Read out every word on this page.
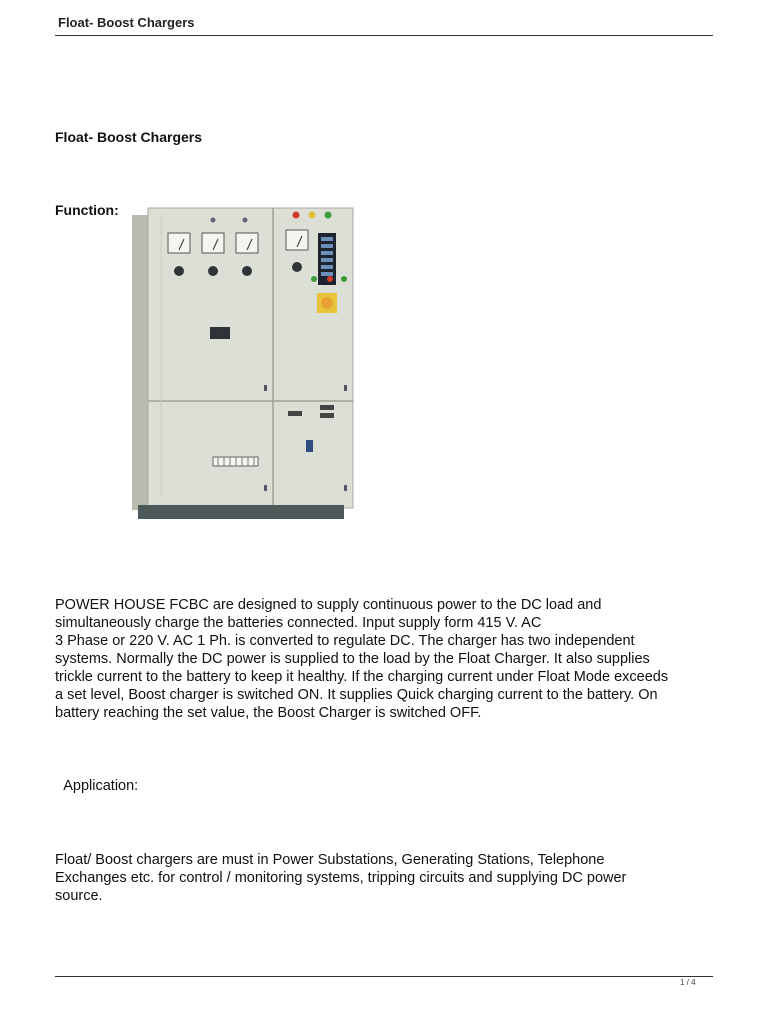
Float- Boost Chargers
Float- Boost Chargers
Function:

POWER HOUSE FCBC are designed to supply continuous power to the DC load and
simultaneously charge the batteries connected. Input supply form 415 V. AC
3 Phase or 220 V. AC 1 Ph. is converted to regulate DC. The charger has two independent
systems. Normally the DC power is supplied to the load by the Float Charger. It also supplies
trickle current to the battery to keep it healthy. If the charging current under Float Mode exceeds
a set level, Boost charger is switched ON. It supplies Quick charging current to the battery. On
battery reaching the set value, the Boost Charger is switched OFF.

Application:

Float/ Boost chargers are must in Power Substations, Generating Stations, Telephone
Exchanges etc. for control / monitoring systems, tripping circuits and supplying DC power
source.

1 / 4
